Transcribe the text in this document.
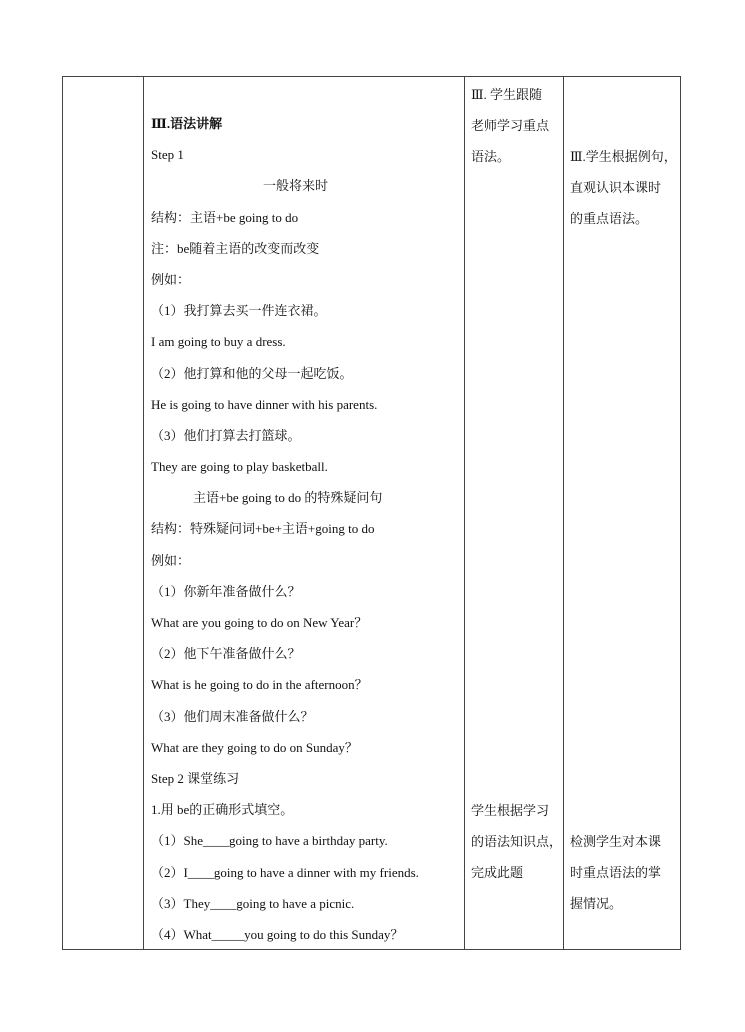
Ⅲ.语法讲解
Step 1
一般将来时
结构：主语+be going to do
注：be随着主语的改变而改变
例如：
（1）我打算去买一件连衣裙。
I am going to buy a dress.
（2）他打算和他的父母一起吃饭。
He is going to have dinner with his parents.
（3）他们打算去打篮球。
They are going to play basketball.
主语+be going to do 的特殊疑问句
结构：特殊疑问词+be+主语+going to do
例如：
（1）你新年准备做什么？
What are you going to do on New Year？
（2）他下午准备做什么？
What is he going to do in the afternoon？
（3）他们周末准备做什么？
What are they going to do on Sunday？
Step 2 课堂练习
1.用 be的正确形式填空。
（1）She____going to have a birthday party.
（2）I____going to have a dinner with my friends.
（3）They____going to have a picnic.
（4）What_____you going to do this Sunday？
Ⅲ. 学生跟随
老师学习重点
语法。
学生根据学习
的语法知识点，
完成此题
Ⅲ.学生根据例句，
直观认识本课时
的重点语法。
检测学生对本课
时重点语法的掌
握情况。
